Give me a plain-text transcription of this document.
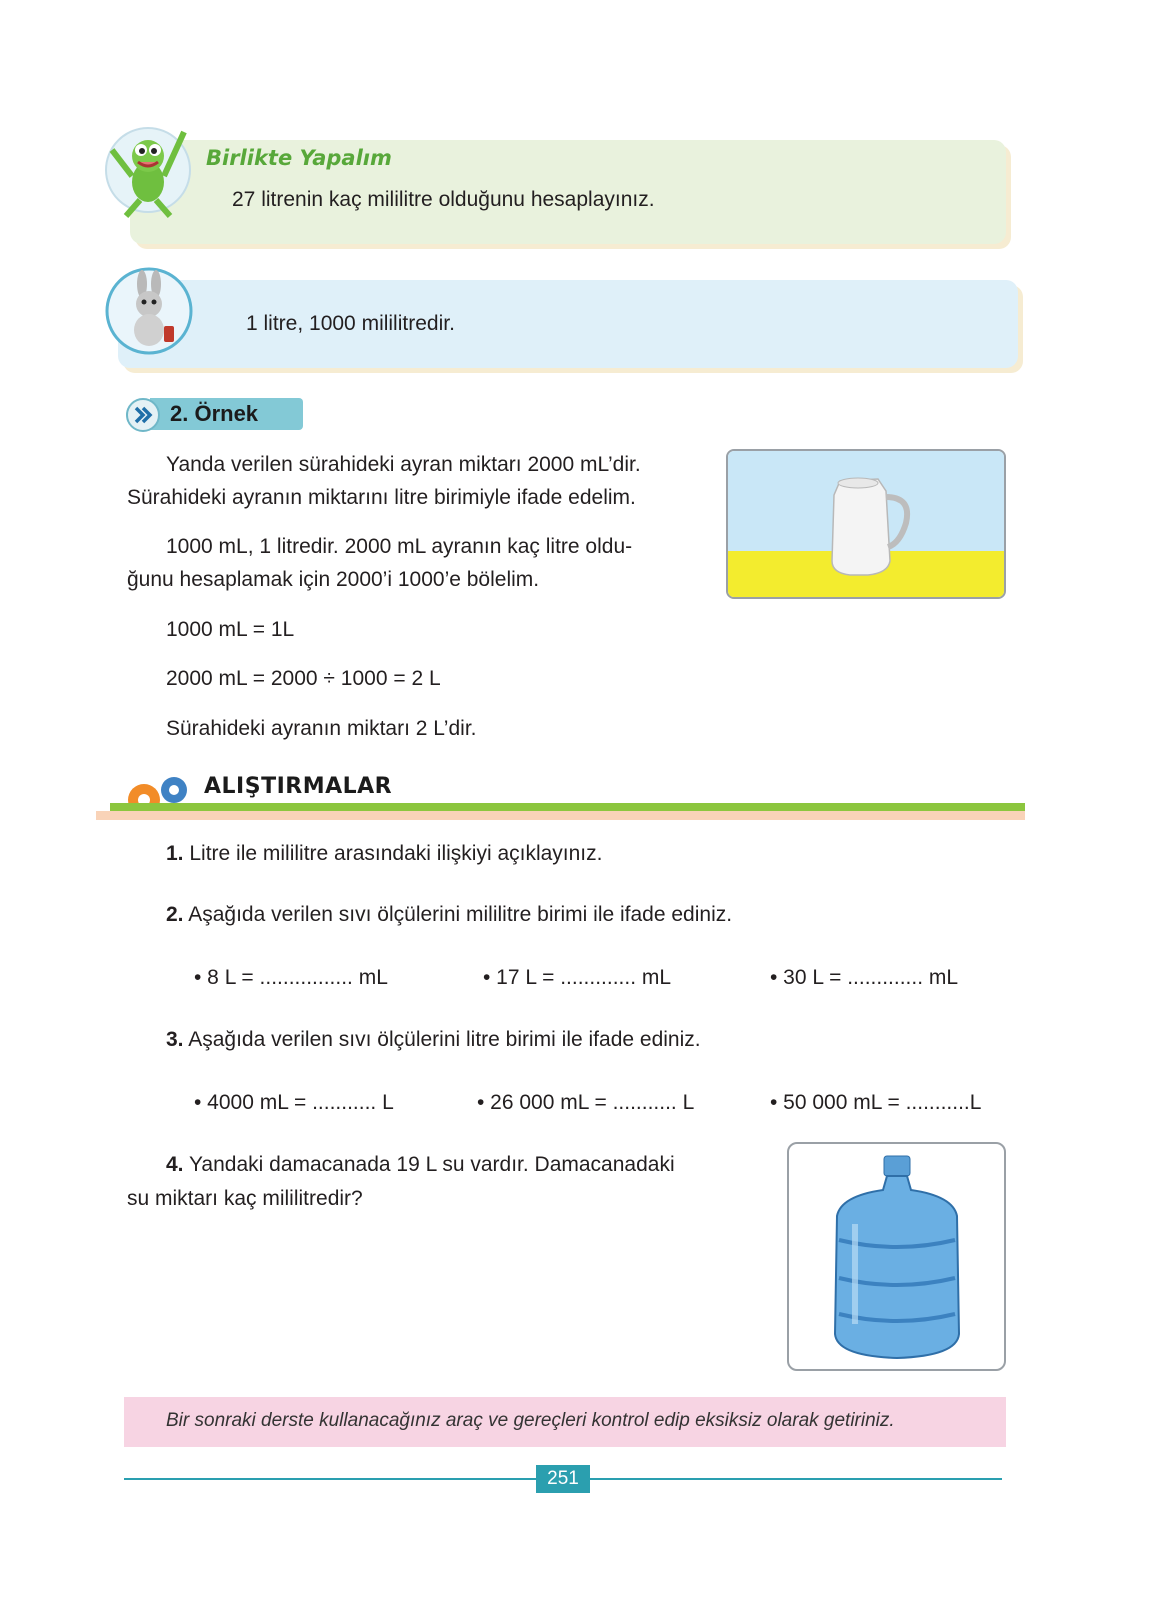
Birlikte Yapalım
27 litrenin kaç mililitre olduğunu hesaplayınız.
1 litre, 1000 mililitredir.
2. Örnek
Yanda verilen sürahideki ayran miktarı 2000 mL’dir.
Sürahideki ayranın miktarını litre birimiyle ifade edelim.
1000 mL, 1 litredir. 2000 mL ayranın kaç litre oldu-
ğunu hesaplamak için 2000’i 1000’e bölelim.
1000 mL = 1L
2000 mL = 2000 ÷ 1000 = 2 L
Sürahideki ayranın miktarı 2 L’dir.
ALIŞTIRMALAR
1. Litre ile mililitre arasındaki ilişkiyi açıklayınız.
2. Aşağıda verilen sıvı ölçülerini mililitre birimi ile ifade ediniz.
• 8 L = ................ mL	• 17 L = ............. mL	• 30 L = ............. mL
3. Aşağıda verilen sıvı ölçülerini litre birimi ile ifade ediniz.
• 4000 mL = ........... L	• 26 000 mL = ........... L	• 50 000 mL = ...........L
4. Yandaki damacanada 19 L su vardır. Damacanadaki
su miktarı kaç mililitredir?
Bir sonraki derste kullanacağınız araç ve gereçleri kontrol edip eksiksiz olarak getiriniz.
251
